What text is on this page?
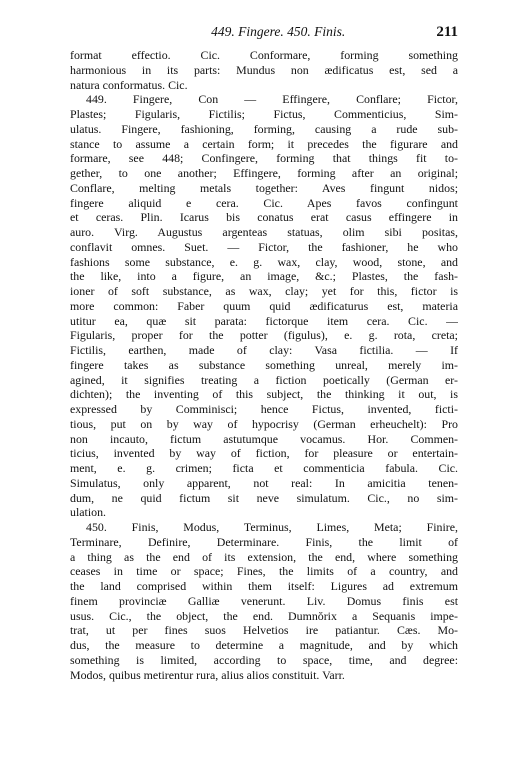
449. Fingere. 450. Finis.	211
format effectio. Cic. Conformare, forming something
harmonious in its parts: Mundus non ædificatus est, sed a
natura conformatus. Cic.
449. Fingere, Con — Effingere, Conflare; Fictor,
Plastes; Figularis, Fictilis; Fictus, Commenticius, Sim-
ulatus. Fingere, fashioning, forming, causing a rude sub-
stance to assume a certain form; it precedes the figurare and
formare, see 448; Confingere, forming that things fit to-
gether, to one another; Effingere, forming after an original;
Conflare, melting metals together: Aves fingunt nidos;
fingere aliquid e cera. Cic. Apes favos confingunt
et ceras. Plin. Icarus bis conatus erat casus effingere in
auro. Virg. Augustus argenteas statuas, olim sibi positas,
conflavit omnes. Suet. — Fictor, the fashioner, he who
fashions some substance, e. g. wax, clay, wood, stone, and
the like, into a figure, an image, &c.; Plastes, the fash-
ioner of soft substance, as wax, clay; yet for this, fictor is
more common: Faber quum quid ædificaturus est, materia
utitur ea, quæ sit parata: fictorque item cera. Cic. —
Figularis, proper for the potter (figulus), e. g. rota, creta;
Fictilis, earthen, made of clay: Vasa fictilia. — If
fingere takes as substance something unreal, merely im-
agined, it signifies treating a fiction poetically (German er-
dichten); the inventing of this subject, the thinking it out, is
expressed by Comminisci; hence Fictus, invented, ficti-
tious, put on by way of hypocrisy (German erheuchelt): Pro
non incauto, fictum astutumque vocamus. Hor. Commen-
ticius, invented by way of fiction, for pleasure or entertain-
ment, e. g. crimen; ficta et commenticia fabula. Cic.
Simulatus, only apparent, not real: In amicitia tenen-
dum, ne quid fictum sit neve simulatum. Cic., no sim-
ulation.
450. Finis, Modus, Terminus, Limes, Meta; Finire,
Terminare, Definire, Determinare. Finis, the limit of
a thing as the end of its extension, the end, where something
ceases in time or space; Fines, the limits of a country, and
the land comprised within them itself: Ligures ad extremum
finem provinciæ Galliæ venerunt. Liv. Domus finis est
usus. Cic., the object, the end. Dumnŏrix a Sequanis impe-
trat, ut per fines suos Helvetios ire patiantur. Cæs. Mo-
dus, the measure to determine a magnitude, and by which
something is limited, according to space, time, and degree:
Modos, quibus metirentur rura, alius alios constituit. Varr.
